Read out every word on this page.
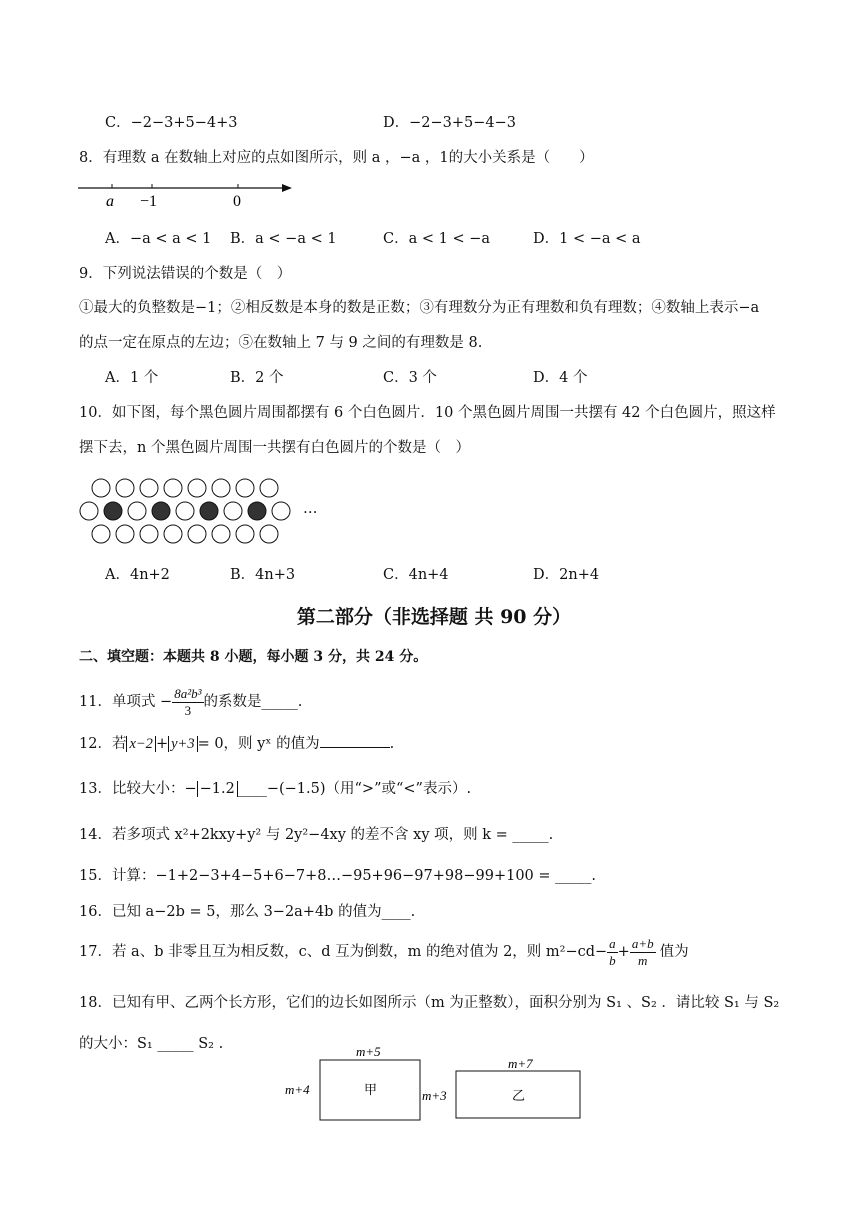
C．−2−3+5−4+3	D．−2−3+5−4−3
8．有理数 a 在数轴上对应的点如图所示，则 a ，−a ，1的大小关系是（　　）
a −1	0
A．−a < a < 1 B．a < −a < 1	C．a < 1 < −a	D．1 < −a < a
9．下列说法错误的个数是（　）
①最大的负整数是−1；②相反数是本身的数是正数；③有理数分为正有理数和负有理数；④数轴上表示−a
的点一定在原点的左边；⑤在数轴上 7 与 9 之间的有理数是 8.
A．1 个	B．2 个	C．3 个	D．4 个
10．如下图，每个黑色圆片周围都摆有 6 个白色圆片．10 个黑色圆片周围一共摆有 42 个白色圆片，照这样
摆下去，n 个黑色圆片周围一共摆有白色圆片的个数是（　）
…
A．4n+2	B．4n+3	C．4n+4	D．2n+4
第二部分（非选择题 共 90 分）
二、填空题：本题共 8 小题，每小题 3 分，共 24 分。
11．单项式 − $\frac{\text{8a²b³}}{3}$ 的系数是_____.
12．若 x−2 + y+3 = 0，则 yˣ 的值为	.
13．比较大小：− −1.2 ____−(−1.5)（用“>”或“<”表示）.
14．若多项式 x²+2kxy+y² 与 2y²−4xy 的差不含 xy 项，则 k = _____.
15．计算：−1+2−3+4−5+6−7+8…−95+96−97+98−99+100 = _____.
16．已知 a−2b = 5，那么 3−2a+4b 的值为____.
17．若 a、b 非零且互为相反数，c、d 互为倒数，m 的绝对值为 2，则 $m^2-cd- \frac{a}{b} + \frac{a+b}{m}$ 值为
18．已知有甲、乙两个长方形，它们的边长如图所示（m 为正整数），面积分别为 S₁ 、S₂ ．请比较 S₁ 与 S₂
的大小：S₁ _____ S₂ .	m+5
甲
m+4
m+7
乙
m+3
